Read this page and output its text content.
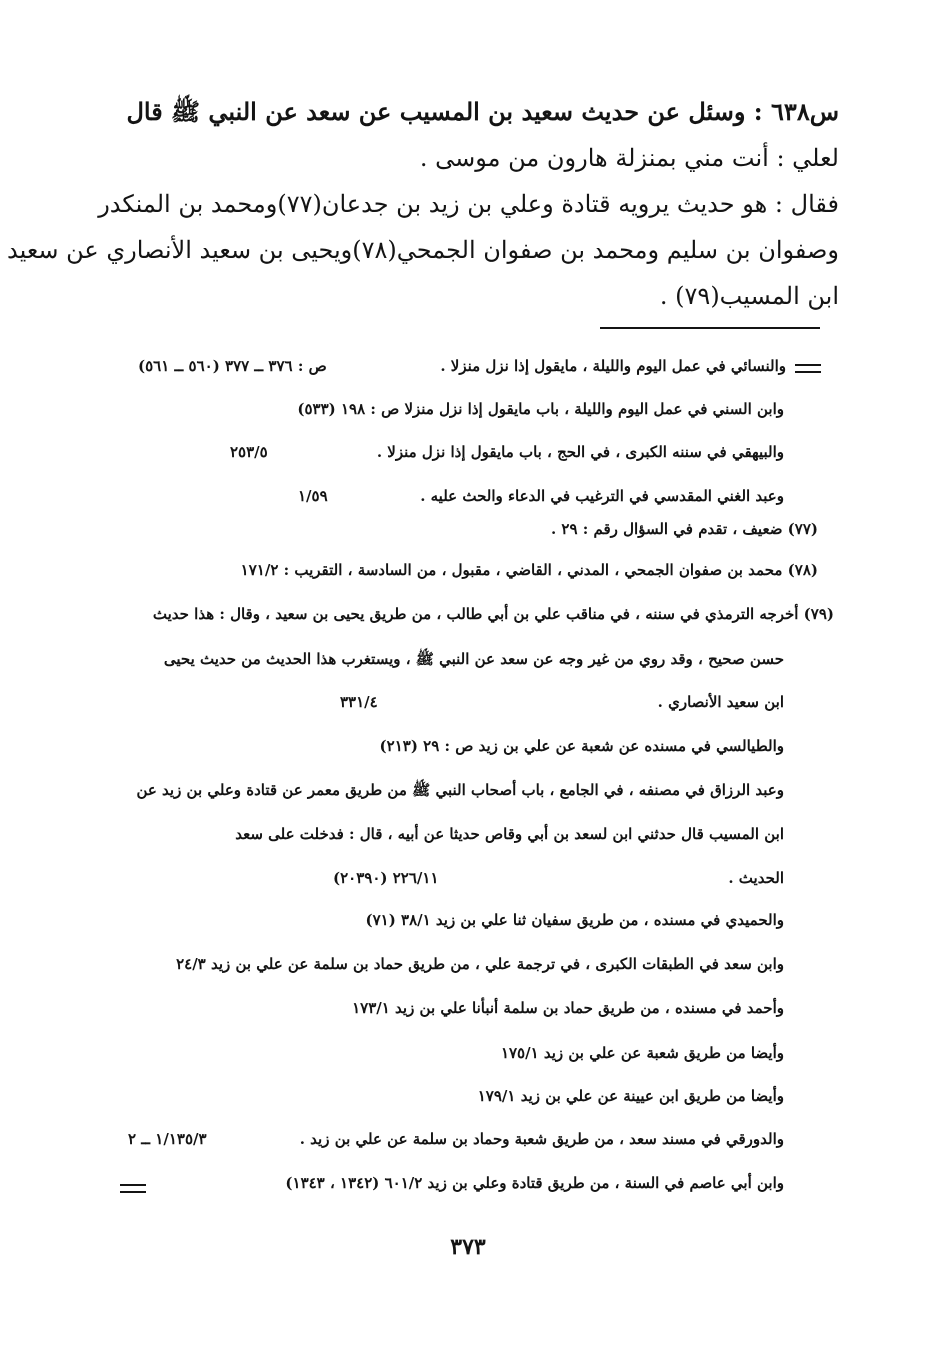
س٦٣٨ : وسئل عن حديث سعيد بن المسيب عن سعد عن النبي ﷺ قال
لعلي : أنت مني بمنزلة هارون من موسى .
فقال : هو حديث يرويه قتادة وعلي بن زيد بن جدعان(٧٧)ومحمد بن المنكدر
وصفوان بن سليم ومحمد بن صفوان الجمحي(٧٨)ويحيى بن سعيد الأنصاري عن سعيد
ابن المسيب(٧٩) .
والنسائي في عمل اليوم والليلة ، مايقول إذا نزل منزلا .
ص : ٣٧٦ ــ ٣٧٧ (٥٦٠ ــ ٥٦١)
وابن السني في عمل اليوم والليلة ، باب مايقول إذا نزل منزلا ص : ١٩٨ (٥٣٣)
والبيهقي في سننه الكبرى ، في الحج ، باب مايقول إذا نزل منزلا .
٢٥٣/٥
وعبد الغني المقدسي في الترغيب في الدعاء والحث عليه .
١/٥٩
(٧٧) ضعيف ، تقدم في السؤال رقم : ٢٩ .
(٧٨) محمد بن صفوان الجمحي ، المدني ، القاضي ، مقبول ، من السادسة ، التقريب : ١٧١/٢
(٧٩) أخرجه الترمذي في سننه ، في مناقب علي بن أبي طالب ، من طريق يحيى بن سعيد ، وقال : هذا حديث
حسن صحيح ، وقد روي من غير وجه عن سعد عن النبي ﷺ ، ويستغرب هذا الحديث من حديث يحيى
ابن سعيد الأنصاري .
٣٣١/٤
والطيالسي في مسنده عن شعبة عن علي بن زيد ص : ٢٩ (٢١٣)
وعبد الرزاق في مصنفه ، في الجامع ، باب أصحاب النبي ﷺ من طريق معمر عن قتادة وعلي بن زيد عن
ابن المسيب قال حدثني ابن لسعد بن أبي وقاص حديثا عن أبيه ، قال : فدخلت على سعد
الحديث .
٢٢٦/١١ (٢٠٣٩٠)
والحميدي في مسنده ، من طريق سفيان ثنا علي بن زيد ٣٨/١ (٧١)
وابن سعد في الطبقات الكبرى ، في ترجمة علي ، من طريق حماد بن سلمة عن علي بن زيد ٢٤/٣
وأحمد في مسنده ، من طريق حماد بن سلمة أنبأنا علي بن زيد ١٧٣/١
وأيضا من طريق شعبة عن علي بن زيد ١٧٥/١
وأيضا من طريق ابن عيينة عن علي بن زيد ١٧٩/١
والدورقي في مسند سعد ، من طريق شعبة وحماد بن سلمة عن علي بن زيد .
١/١٣٥/٣ ــ ٢
وابن أبي عاصم في السنة ، من طريق قتادة وعلي بن زيد ٦٠١/٢ (١٣٤٢ ، ١٣٤٣)
٣٧٣
